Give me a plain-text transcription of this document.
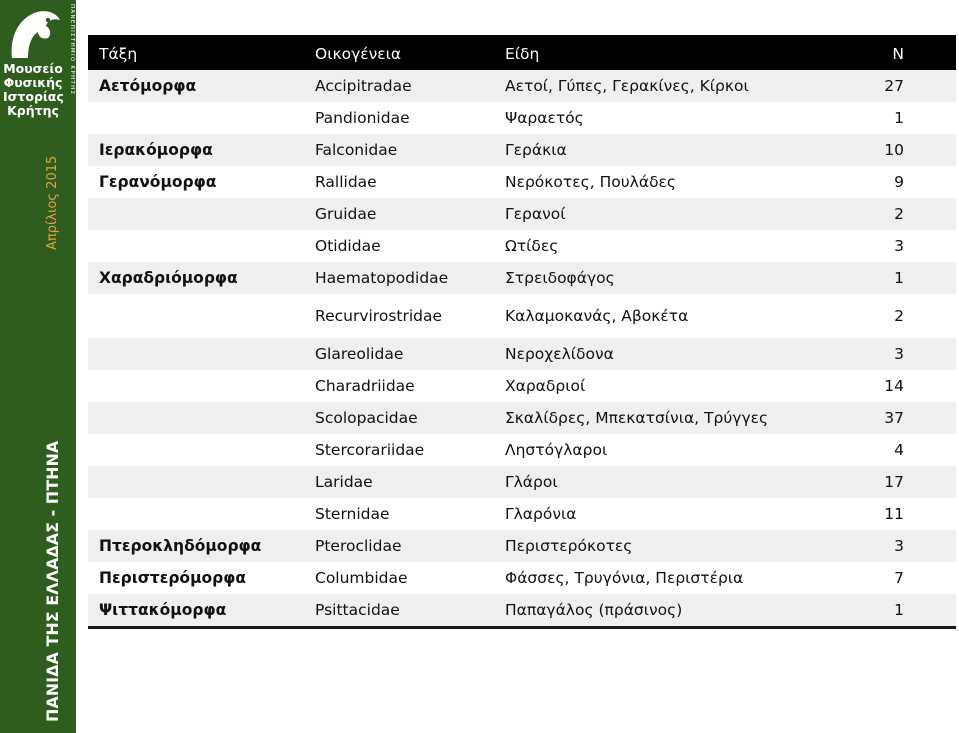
Μουσείο
Φυσικής
Ιστορίας
Κρήτης
ΠΑΝΕΠΙΣΤΗΜΙΟ ΚΡΗΤΗΣ
Απρίλιος 2015
ΠΑΝΙΔΑ ΤΗΣ ΕΛΛΑΔΑΣ - ΠΤΗΝΑ
Τάξη	Οικογένεια	Είδη	Ν
Αετόμορφα	Accipitradae	Αετοί, Γύπες, Γερακίνες, Κίρκοι	27
	Pandionidae	Ψαραετός	1
Ιερακόμορφα	Falconidae	Γεράκια	10
Γερανόμορφα	Rallidae	Νερόκοτες, Πουλάδες	9
	Gruidae	Γερανοί	2
	Otididae	Ωτίδες	3
Χαραδριόμορφα	Haematopodidae	Στρειδοφάγος	1
	Recurvirostridae	Καλαμοκανάς, Αβοκέτα	2
	Glareolidae	Νεροχελίδονα	3
	Charadriidae	Χαραδριοί	14
	Scolopacidae	Σκαλίδρες, Μπεκατσίνια, Τρύγγες	37
	Stercorariidae	Ληστόγλαροι	4
	Laridae	Γλάροι	17
	Sternidae	Γλαρόνια	11
Πτεροκληδόμορφα	Pteroclidae	Περιστερόκοτες	3
Περιστερόμορφα	Columbidae	Φάσσες, Τρυγόνια, Περιστέρια	7
Ψιττακόμορφα	Psittacidae	Παπαγάλος (πράσινος)	1
